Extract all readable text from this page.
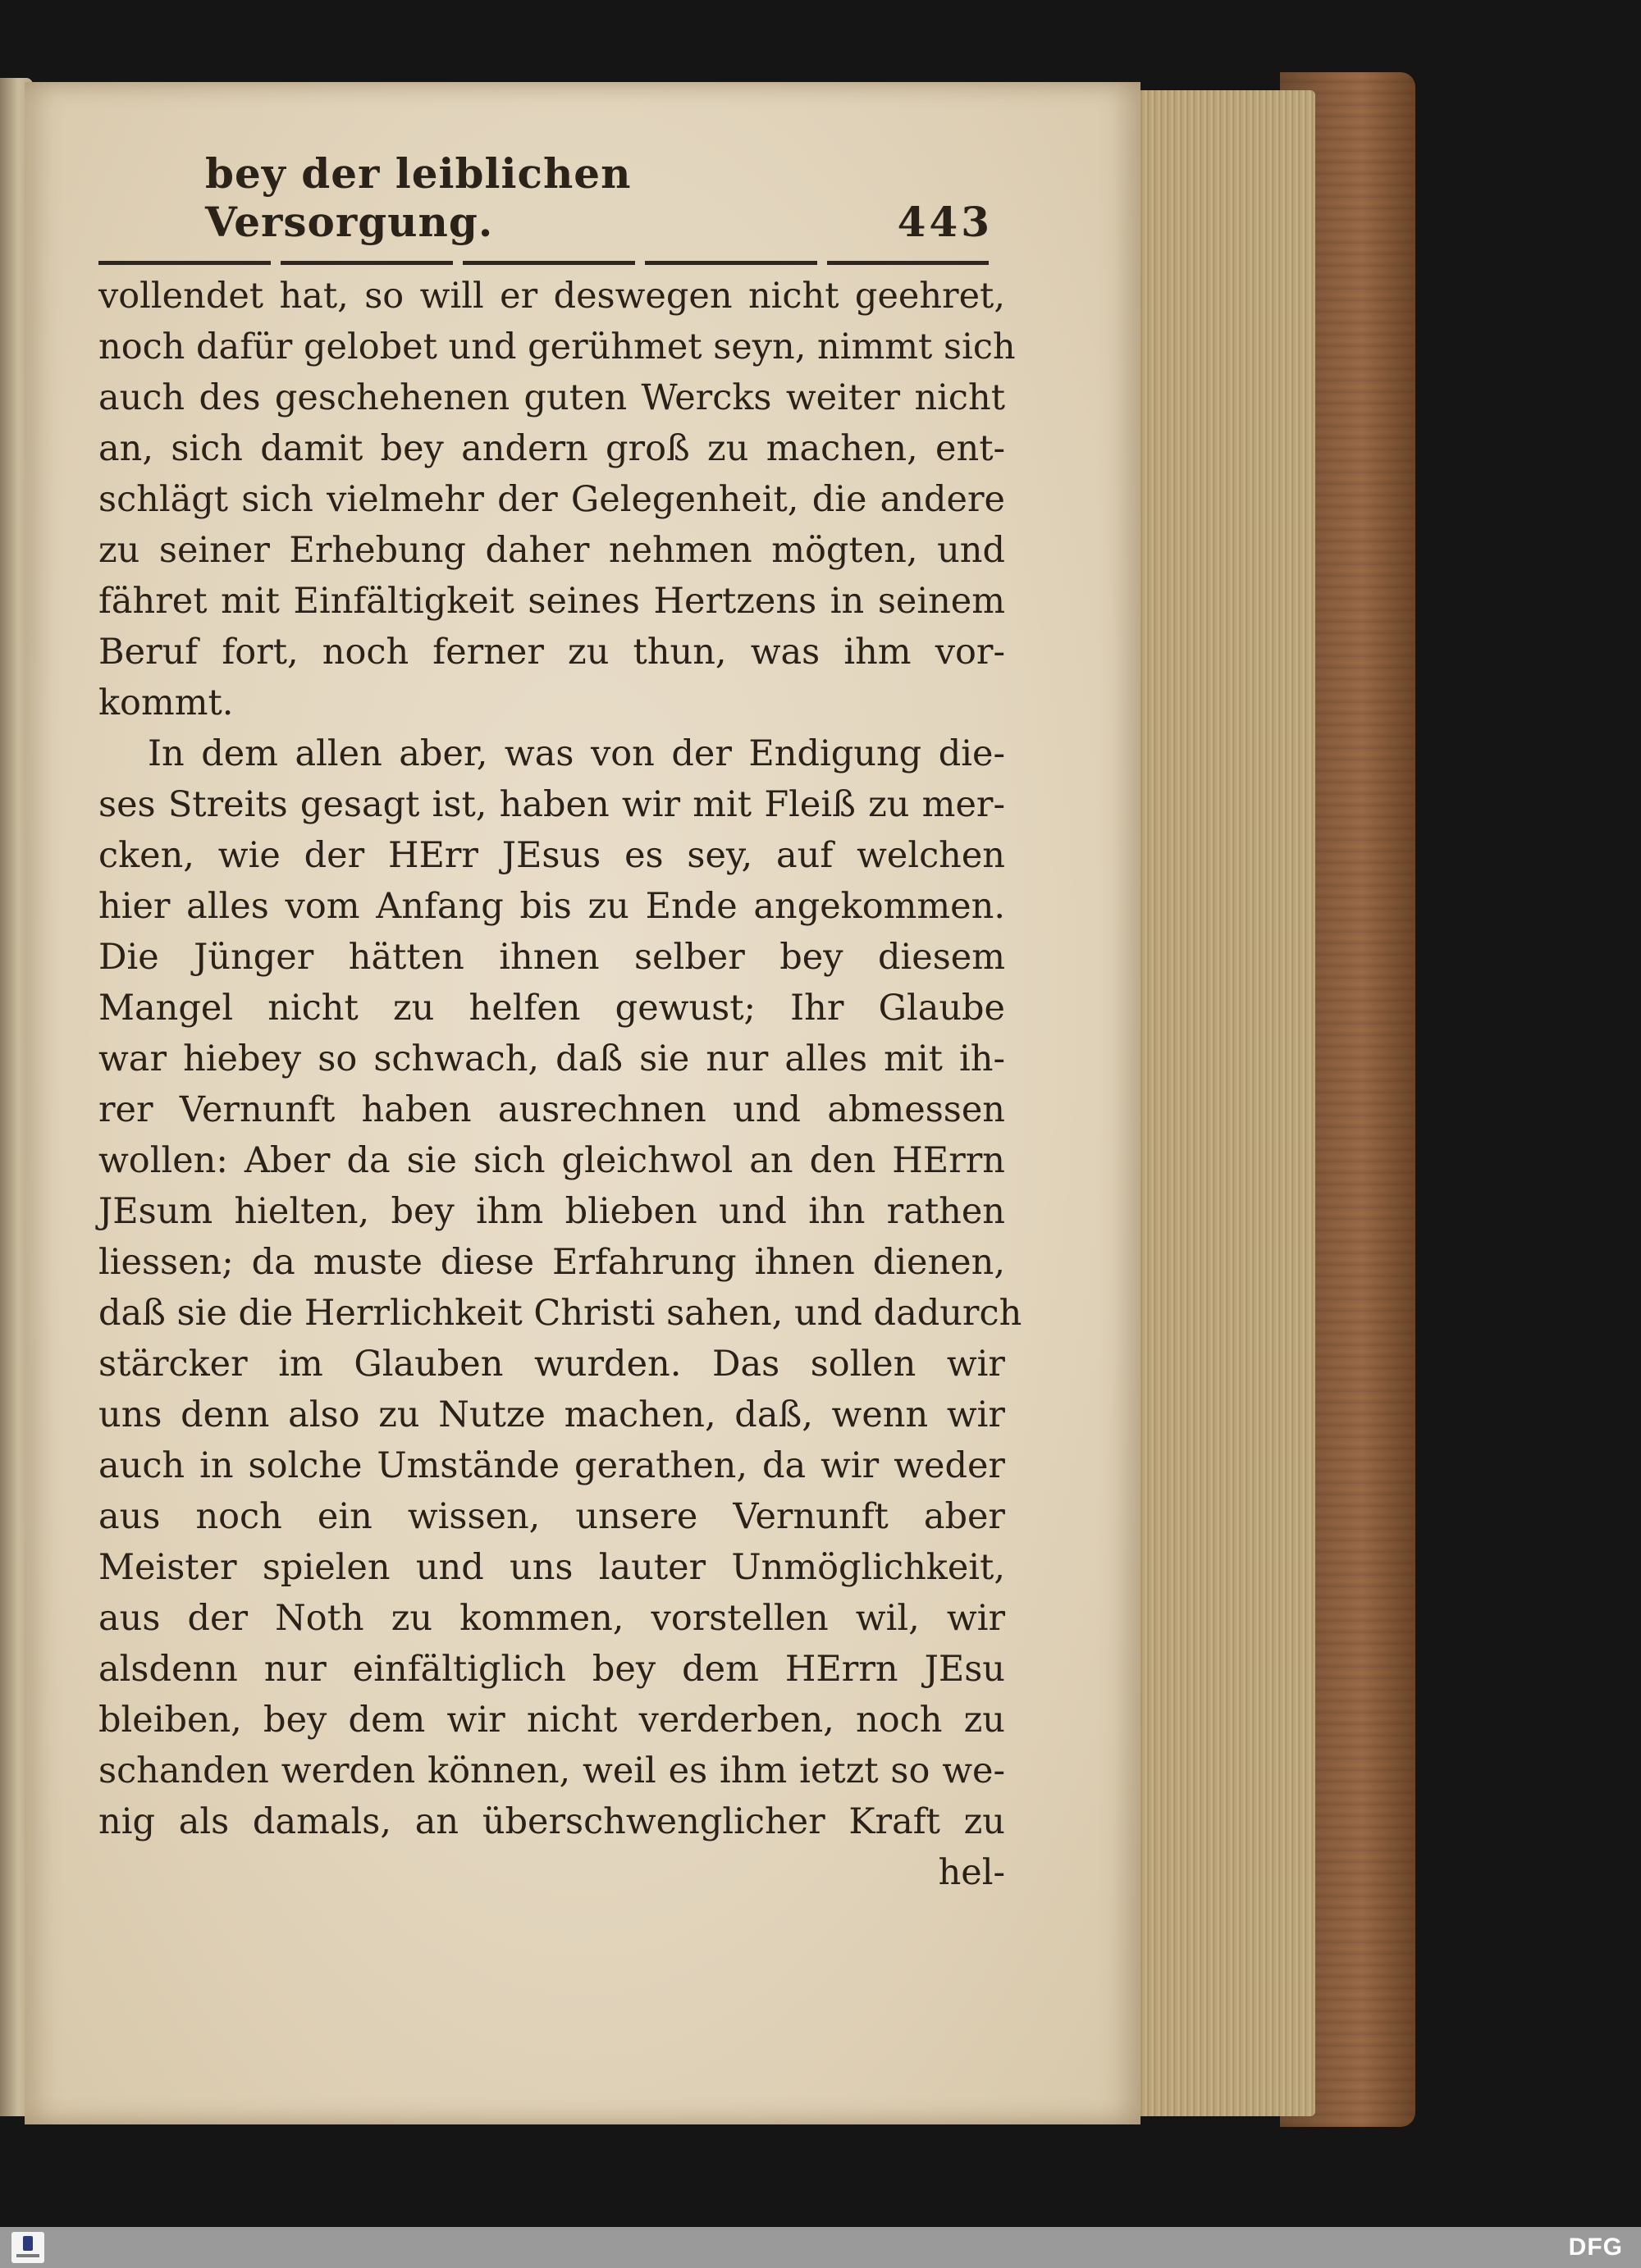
bey der leiblichen Versorgung.	443
vollendet hat, so will er deswegen nicht geehret,
noch dafür gelobet und gerühmet seyn, nimmt sich
auch des geschehenen guten Wercks weiter nicht
an, sich damit bey andern groß zu machen, ent-
schlägt sich vielmehr der Gelegenheit, die andere
zu seiner Erhebung daher nehmen mögten, und
fähret mit Einfältigkeit seines Hertzens in seinem
Beruf fort, noch ferner zu thun, was ihm vor-
kommt.
In dem allen aber, was von der Endigung die-
ses Streits gesagt ist, haben wir mit Fleiß zu mer-
cken, wie der HErr JEsus es sey, auf welchen
hier alles vom Anfang bis zu Ende angekommen.
Die Jünger hätten ihnen selber bey diesem
Mangel nicht zu helfen gewust; Ihr Glaube
war hiebey so schwach, daß sie nur alles mit ih-
rer Vernunft haben ausrechnen und abmessen
wollen: Aber da sie sich gleichwol an den HErrn
JEsum hielten, bey ihm blieben und ihn rathen
liessen; da muste diese Erfahrung ihnen dienen,
daß sie die Herrlichkeit Christi sahen, und dadurch
stärcker im Glauben wurden. Das sollen wir
uns denn also zu Nutze machen, daß, wenn wir
auch in solche Umstände gerathen, da wir weder
aus noch ein wissen, unsere Vernunft aber
Meister spielen und uns lauter Unmöglichkeit,
aus der Noth zu kommen, vorstellen wil, wir
alsdenn nur einfältiglich bey dem HErrn JEsu
bleiben, bey dem wir nicht verderben, noch zu
schanden werden können, weil es ihm ietzt so we-
nig als damals, an überschwenglicher Kraft zu
hel-
DFG
